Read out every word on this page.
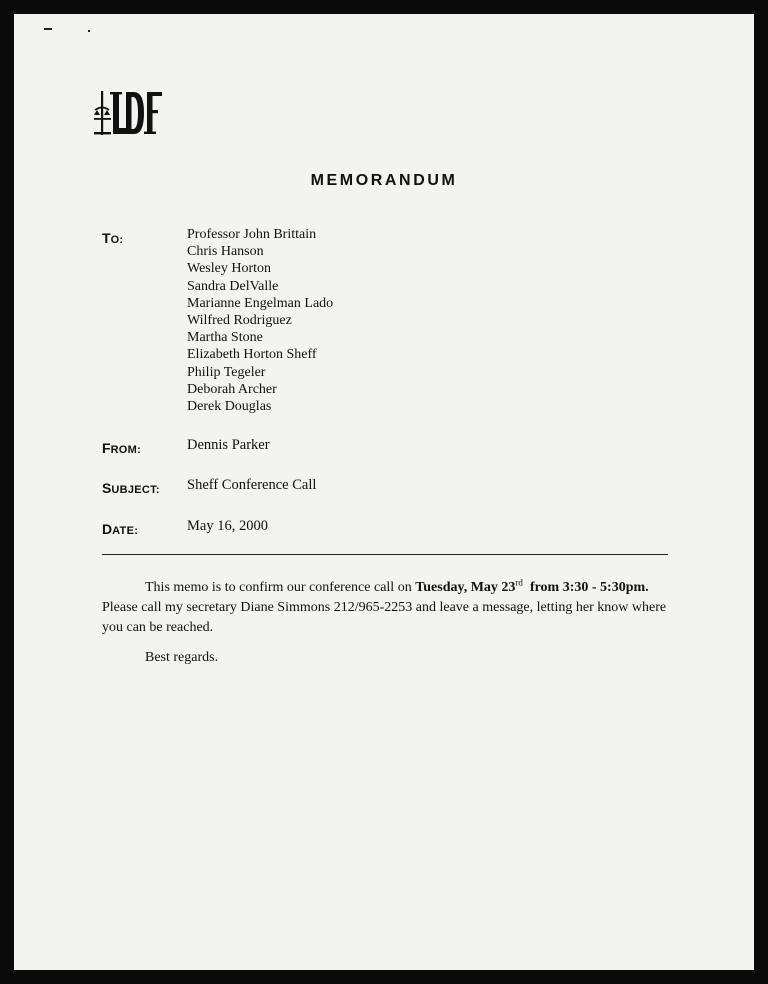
MEMORANDUM
TO:	Professor John Brittain
Chris Hanson
Wesley Horton
Sandra DelValle
Marianne Engelman Lado
Wilfred Rodriguez
Martha Stone
Elizabeth Horton Sheff
Philip Tegeler
Deborah Archer
Derek Douglas
FROM:	Dennis Parker
SUBJECT: Sheff Conference Call
DATE:	May 16, 2000
This memo is to confirm our conference call on Tuesday, May 23rd  from 3:30 - 5:30pm. Please call my secretary Diane Simmons 212/965-2253 and leave a message, letting her know where you can be reached.
Best regards.
